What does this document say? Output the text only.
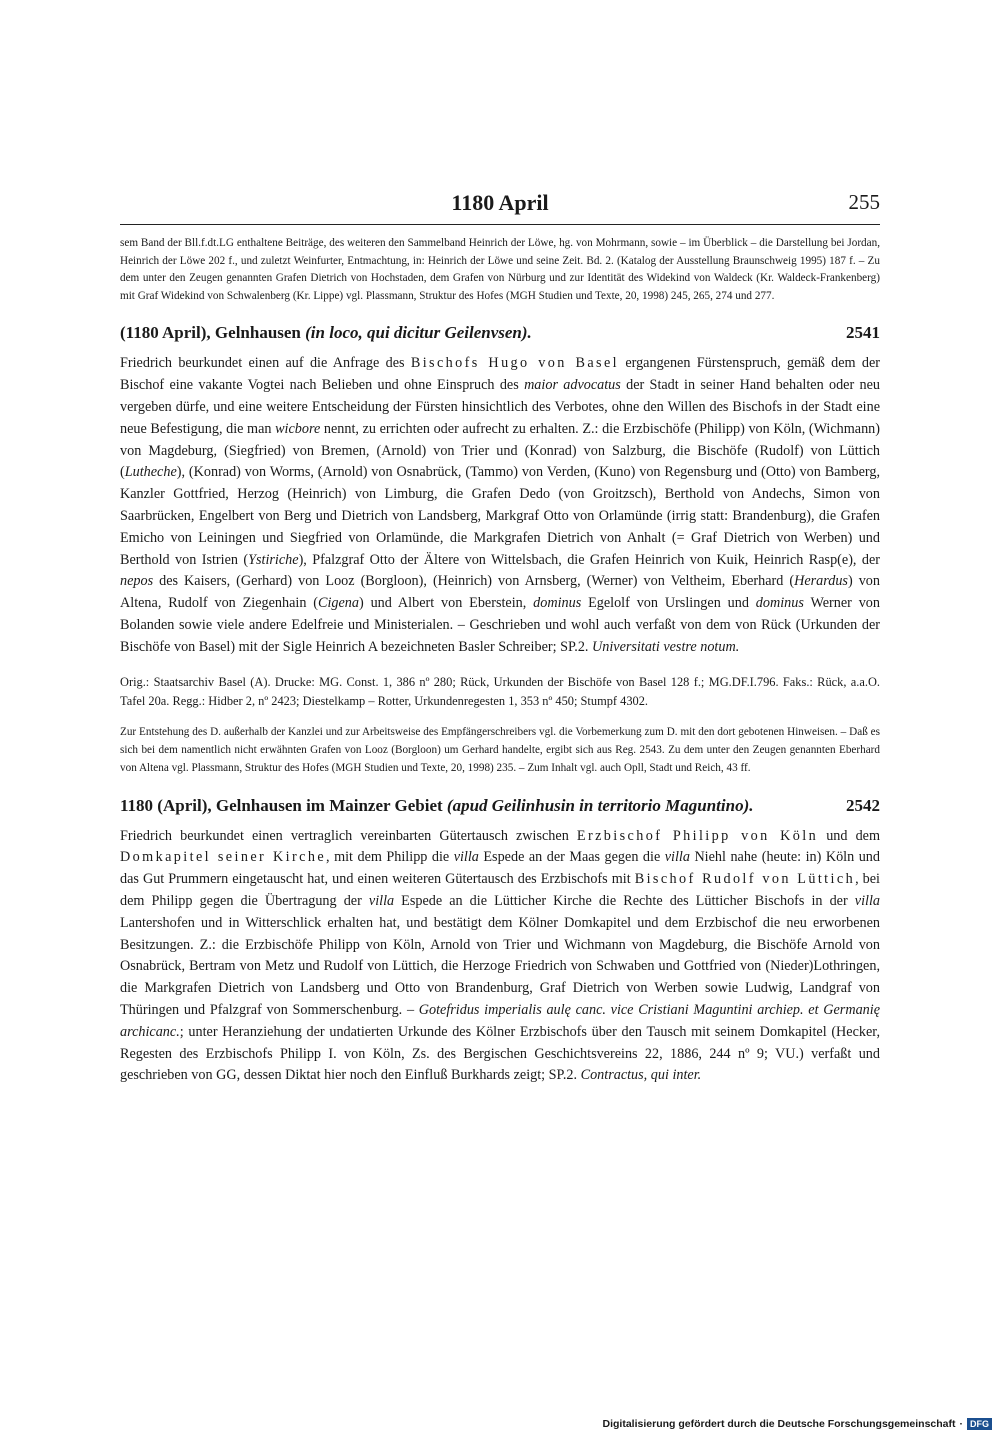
1180 April	255

sem Band der Bll.f.dt.LG enthaltene Beiträge, des weiteren den Sammelband Heinrich der Löwe, hg. von Mohrmann, sowie – im Überblick – die Darstellung bei Jordan, Heinrich der Löwe 202 f., und zuletzt Weinfurter, Entmachtung, in: Heinrich der Löwe und seine Zeit. Bd. 2. (Katalog der Ausstellung Braunschweig 1995) 187 f. – Zu dem unter den Zeugen genannten Grafen Dietrich von Hochstaden, dem Grafen von Nürburg und zur Identität des Widekind von Waldeck (Kr. Waldeck-Frankenberg) mit Graf Widekind von Schwalenberg (Kr. Lippe) vgl. Plassmann, Struktur des Hofes (MGH Studien und Texte, 20, 1998) 245, 265, 274 und 277.

(1180 April), Gelnhausen (in loco, qui dicitur Geilenvsen).	2541

Friedrich beurkundet einen auf die Anfrage des Bischofs Hugo von Basel ergangenen Fürstenspruch, gemäß dem der Bischof eine vakante Vogtei nach Belieben und ohne Einspruch des maior advocatus der Stadt in seiner Hand behalten oder neu vergeben dürfe, und eine weitere Entscheidung der Fürsten hinsichtlich des Verbotes, ohne den Willen des Bischofs in der Stadt eine neue Befestigung, die man wicbore nennt, zu errichten oder aufrecht zu erhalten. Z.: die Erzbischöfe (Philipp) von Köln, (Wichmann) von Magdeburg, (Siegfried) von Bremen, (Arnold) von Trier und (Konrad) von Salzburg, die Bischöfe (Rudolf) von Lüttich (Lutheche), (Konrad) von Worms, (Arnold) von Osnabrück, (Tammo) von Verden, (Kuno) von Regensburg und (Otto) von Bamberg, Kanzler Gottfried, Herzog (Heinrich) von Limburg, die Grafen Dedo (von Groitzsch), Berthold von Andechs, Simon von Saarbrücken, Engelbert von Berg und Dietrich von Landsberg, Markgraf Otto von Orlamünde (irrig statt: Brandenburg), die Grafen Emicho von Leiningen und Siegfried von Orlamünde, die Markgrafen Dietrich von Anhalt (= Graf Dietrich von Werben) und Berthold von Istrien (Ystiriche), Pfalzgraf Otto der Ältere von Wittelsbach, die Grafen Heinrich von Kuik, Heinrich Rasp(e), der nepos des Kaisers, (Gerhard) von Looz (Borgloon), (Heinrich) von Arnsberg, (Werner) von Veltheim, Eberhard (Herardus) von Altena, Rudolf von Ziegenhain (Cigena) und Albert von Eberstein, dominus Egelolf von Urslingen und dominus Werner von Bolanden sowie viele andere Edelfreie und Ministerialen. – Geschrieben und wohl auch verfaßt von dem von Rück (Urkunden der Bischöfe von Basel) mit der Sigle Heinrich A bezeichneten Basler Schreiber; SP.2. Universitati vestre notum.

Orig.: Staatsarchiv Basel (A). Drucke: MG. Const. 1, 386 nº 280; Rück, Urkunden der Bischöfe von Basel 128 f.; MG.DF.I.796. Faks.: Rück, a.a.O. Tafel 20a. Regg.: Hidber 2, nº 2423; Diestelkamp – Rotter, Urkundenregesten 1, 353 nº 450; Stumpf 4302.

Zur Entstehung des D. außerhalb der Kanzlei und zur Arbeitsweise des Empfängerschreibers vgl. die Vorbemerkung zum D. mit den dort gebotenen Hinweisen. – Daß es sich bei dem namentlich nicht erwähnten Grafen von Looz (Borgloon) um Gerhard handelte, ergibt sich aus Reg. 2543. Zu dem unter den Zeugen genannten Eberhard von Altena vgl. Plassmann, Struktur des Hofes (MGH Studien und Texte, 20, 1998) 235. – Zum Inhalt vgl. auch Opll, Stadt und Reich, 43 ff.

1180 (April), Gelnhausen im Mainzer Gebiet (apud Geilinhusin in territorio Maguntino).	2542

Friedrich beurkundet einen vertraglich vereinbarten Gütertausch zwischen Erzbischof Philipp von Köln und dem Domkapitel seiner Kirche, mit dem Philipp die villa Espede an der Maas gegen die villa Niehl nahe (heute: in) Köln und das Gut Prummern eingetauscht hat, und einen weiteren Gütertausch des Erzbischofs mit Bischof Rudolf von Lüttich, bei dem Philipp gegen die Übertragung der villa Espede an die Lütticher Kirche die Rechte des Lütticher Bischofs in der villa Lantershofen und in Witterschlick erhalten hat, und bestätigt dem Kölner Domkapitel und dem Erzbischof die neu erworbenen Besitzungen. Z.: die Erzbischöfe Philipp von Köln, Arnold von Trier und Wichmann von Magdeburg, die Bischöfe Arnold von Osnabrück, Bertram von Metz und Rudolf von Lüttich, die Herzoge Friedrich von Schwaben und Gottfried von (Nieder)Lothringen, die Markgrafen Dietrich von Landsberg und Otto von Brandenburg, Graf Dietrich von Werben sowie Ludwig, Landgraf von Thüringen und Pfalzgraf von Sommerschenburg. – Gotefridus imperialis aulę canc. vice Cristiani Maguntini archiep. et Germanię archicanc.; unter Heranziehung der undatierten Urkunde des Kölner Erzbischofs über den Tausch mit seinem Domkapitel (Hecker, Regesten des Erzbischofs Philipp I. von Köln, Zs. des Bergischen Geschichtsvereins 22, 1886, 244 nº 9; VU.) verfaßt und geschrieben von GG, dessen Diktat hier noch den Einfluß Burkhards zeigt; SP.2. Contractus, qui inter.

Digitalisierung gefördert durch die Deutsche Forschungsgemeinschaft · DFG
